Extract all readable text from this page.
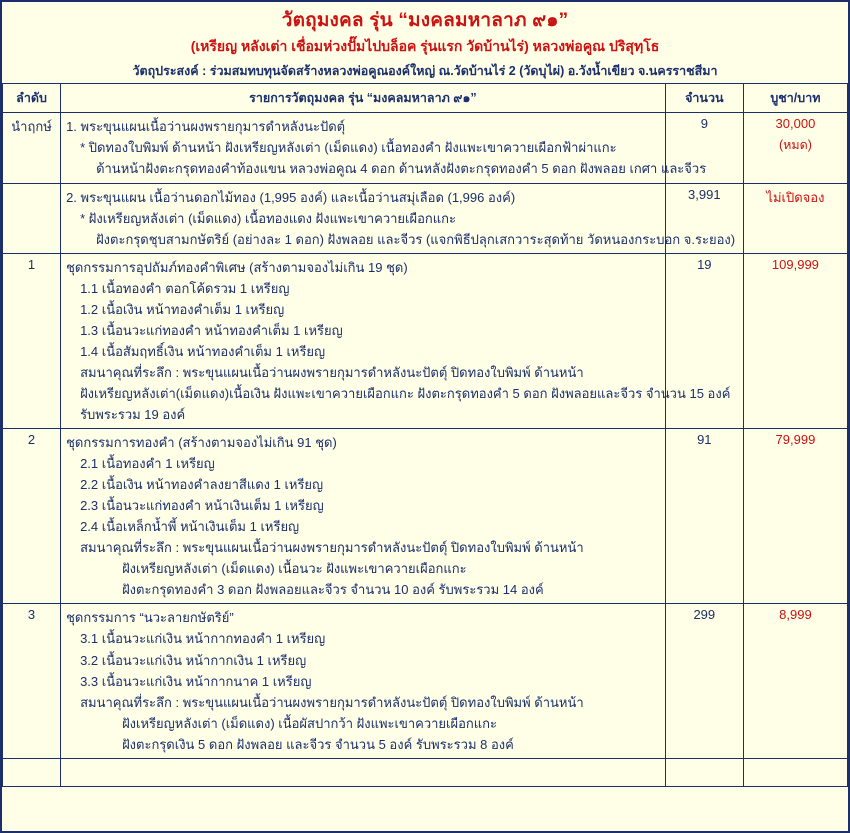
วัตถุมงคล รุ่น “มงคลมหาลาภ ๙๑”
(เหรียญ หลังเต่า เชื่อมห่วงปั๊มไปบล็อค รุ่นแรก วัดบ้านไร่) หลวงพ่อคูณ ปริสุทฺโธ
วัตถุประสงค์ : ร่วมสมทบทุนจัดสร้างหลวงพ่อคูณองค์ใหญ่ ณ.วัดบ้านไร่ 2 (วัดบุไผ่) อ.วังน้ำเขียว จ.นครราชสีมา
ลำดับ	รายการวัตถุมงคล รุ่น “มงคลมหาลาภ ๙๑”	จำนวน	บูชา/บาท
นำฤกษ์	1. พระขุนแผนเนื้อว่านผงพรายกุมารดำหลังนะปัดตุ์
* ปิดทองใบพิมพ์ ด้านหน้า ฝังเหรียญหลังเต่า (เม็ดแดง) เนื้อทองคำ ฝังแพะเขาควายเผือกฟ้าผ่าแกะ
ด้านหน้าฝังตะกรุดทองคำท้องแขน หลวงพ่อคูณ 4 ดอก ด้านหลังฝังตะกรุดทองคำ 5 ดอก ฝังพลอย เกศา และจีวร	9	30,000
(หมด)

	2. พระขุนแผน เนื้อว่านดอกไม้ทอง (1,995 องค์) และเนื้อว่านสมุ่เลือด (1,996 องค์)
* ฝังเหรียญหลังเต่า (เม็ดแดง) เนื้อทองแดง ฝังแพะเขาควายเผือกแกะ
ฝังตะกรุดชุบสามกษัตริย์ (อย่างละ 1 ดอก) ฝังพลอย และจีวร (แจกพิธีปลุกเสกวาระสุดท้าย วัดหนองกระบอก จ.ระยอง)	3,991	ไม่เปิดจอง
1	ชุดกรรมการอุปถัมภ์ทองคำพิเศษ (สร้างตามจองไม่เกิน 19 ชุด)
1.1 เนื้อทองคำ ตอกโค้ดรวม 1 เหรียญ
1.2 เนื้อเงิน หน้าทองคำเต็ม 1 เหรียญ
1.3 เนื้อนวะแก่ทองคำ หน้าทองคำเต็ม 1 เหรียญ
1.4 เนื้อสัมฤทธิ์เงิน หน้าทองคำเต็ม 1 เหรียญ
สมนาคุณที่ระลึก : พระขุนแผนเนื้อว่านผงพรายกุมารดำหลังนะปัตตุ์ ปิดทองใบพิมพ์ ด้านหน้า
ฝังเหรียญหลังเต่า(เม็ดแดง)เนื้อเงิน ฝังแพะเขาควายเผือกแกะ ฝังตะกรุดทองคำ 5 ดอก ฝังพลอยและจีวร จำนวน 15 องค์
รับพระรวม 19 องค์
	19	109,999
2	ชุดกรรมการทองคำ (สร้างตามจองไม่เกิน 91 ชุด)
2.1 เนื้อทองคำ 1 เหรียญ
2.2 เนื้อเงิน หน้าทองคำลงยาสีแดง 1 เหรียญ
2.3 เนื้อนวะแก่ทองคำ หน้าเงินเต็ม 1 เหรียญ
2.4 เนื้อเหล็กน้ำพี้ หน้าเงินเต็ม 1 เหรียญ
สมนาคุณที่ระลึก : พระขุนแผนเนื้อว่านผงพรายกุมารดำหลังนะปัตตุ์ ปิดทองใบพิมพ์ ด้านหน้า
ฝังเหรียญหลังเต่า (เม็ดแดง) เนื้อนวะ ฝังแพะเขาควายเผือกแกะ
ฝังตะกรุดทองคำ 3 ดอก ฝังพลอยและจีวร จำนวน 10 องค์ รับพระรวม 14 องค์
	91	79,999
3	ชุดกรรมการ “นวะลายกษัตริย์”
3.1 เนื้อนวะแก่เงิน หน้ากากทองคำ 1 เหรียญ
3.2 เนื้อนวะแก่เงิน หน้ากากเงิน 1 เหรียญ
3.3 เนื้อนวะแก่เงิน หน้ากากนาค 1 เหรียญ
สมนาคุณที่ระลึก : พระขุนแผนเนื้อว่านผงพรายกุมารดำหลังนะปัตตุ์ ปิดทองใบพิมพ์ ด้านหน้า
ฝังเหรียญหลังเต่า (เม็ดแดง) เนื้อผัสปากว้า ฝังแพะเขาควายเผือกแกะ
ฝังตะกรุดเงิน 5 ดอก ฝังพลอย และจีวร จำนวน 5 องค์ รับพระรวม 8 องค์
	299	8,999
